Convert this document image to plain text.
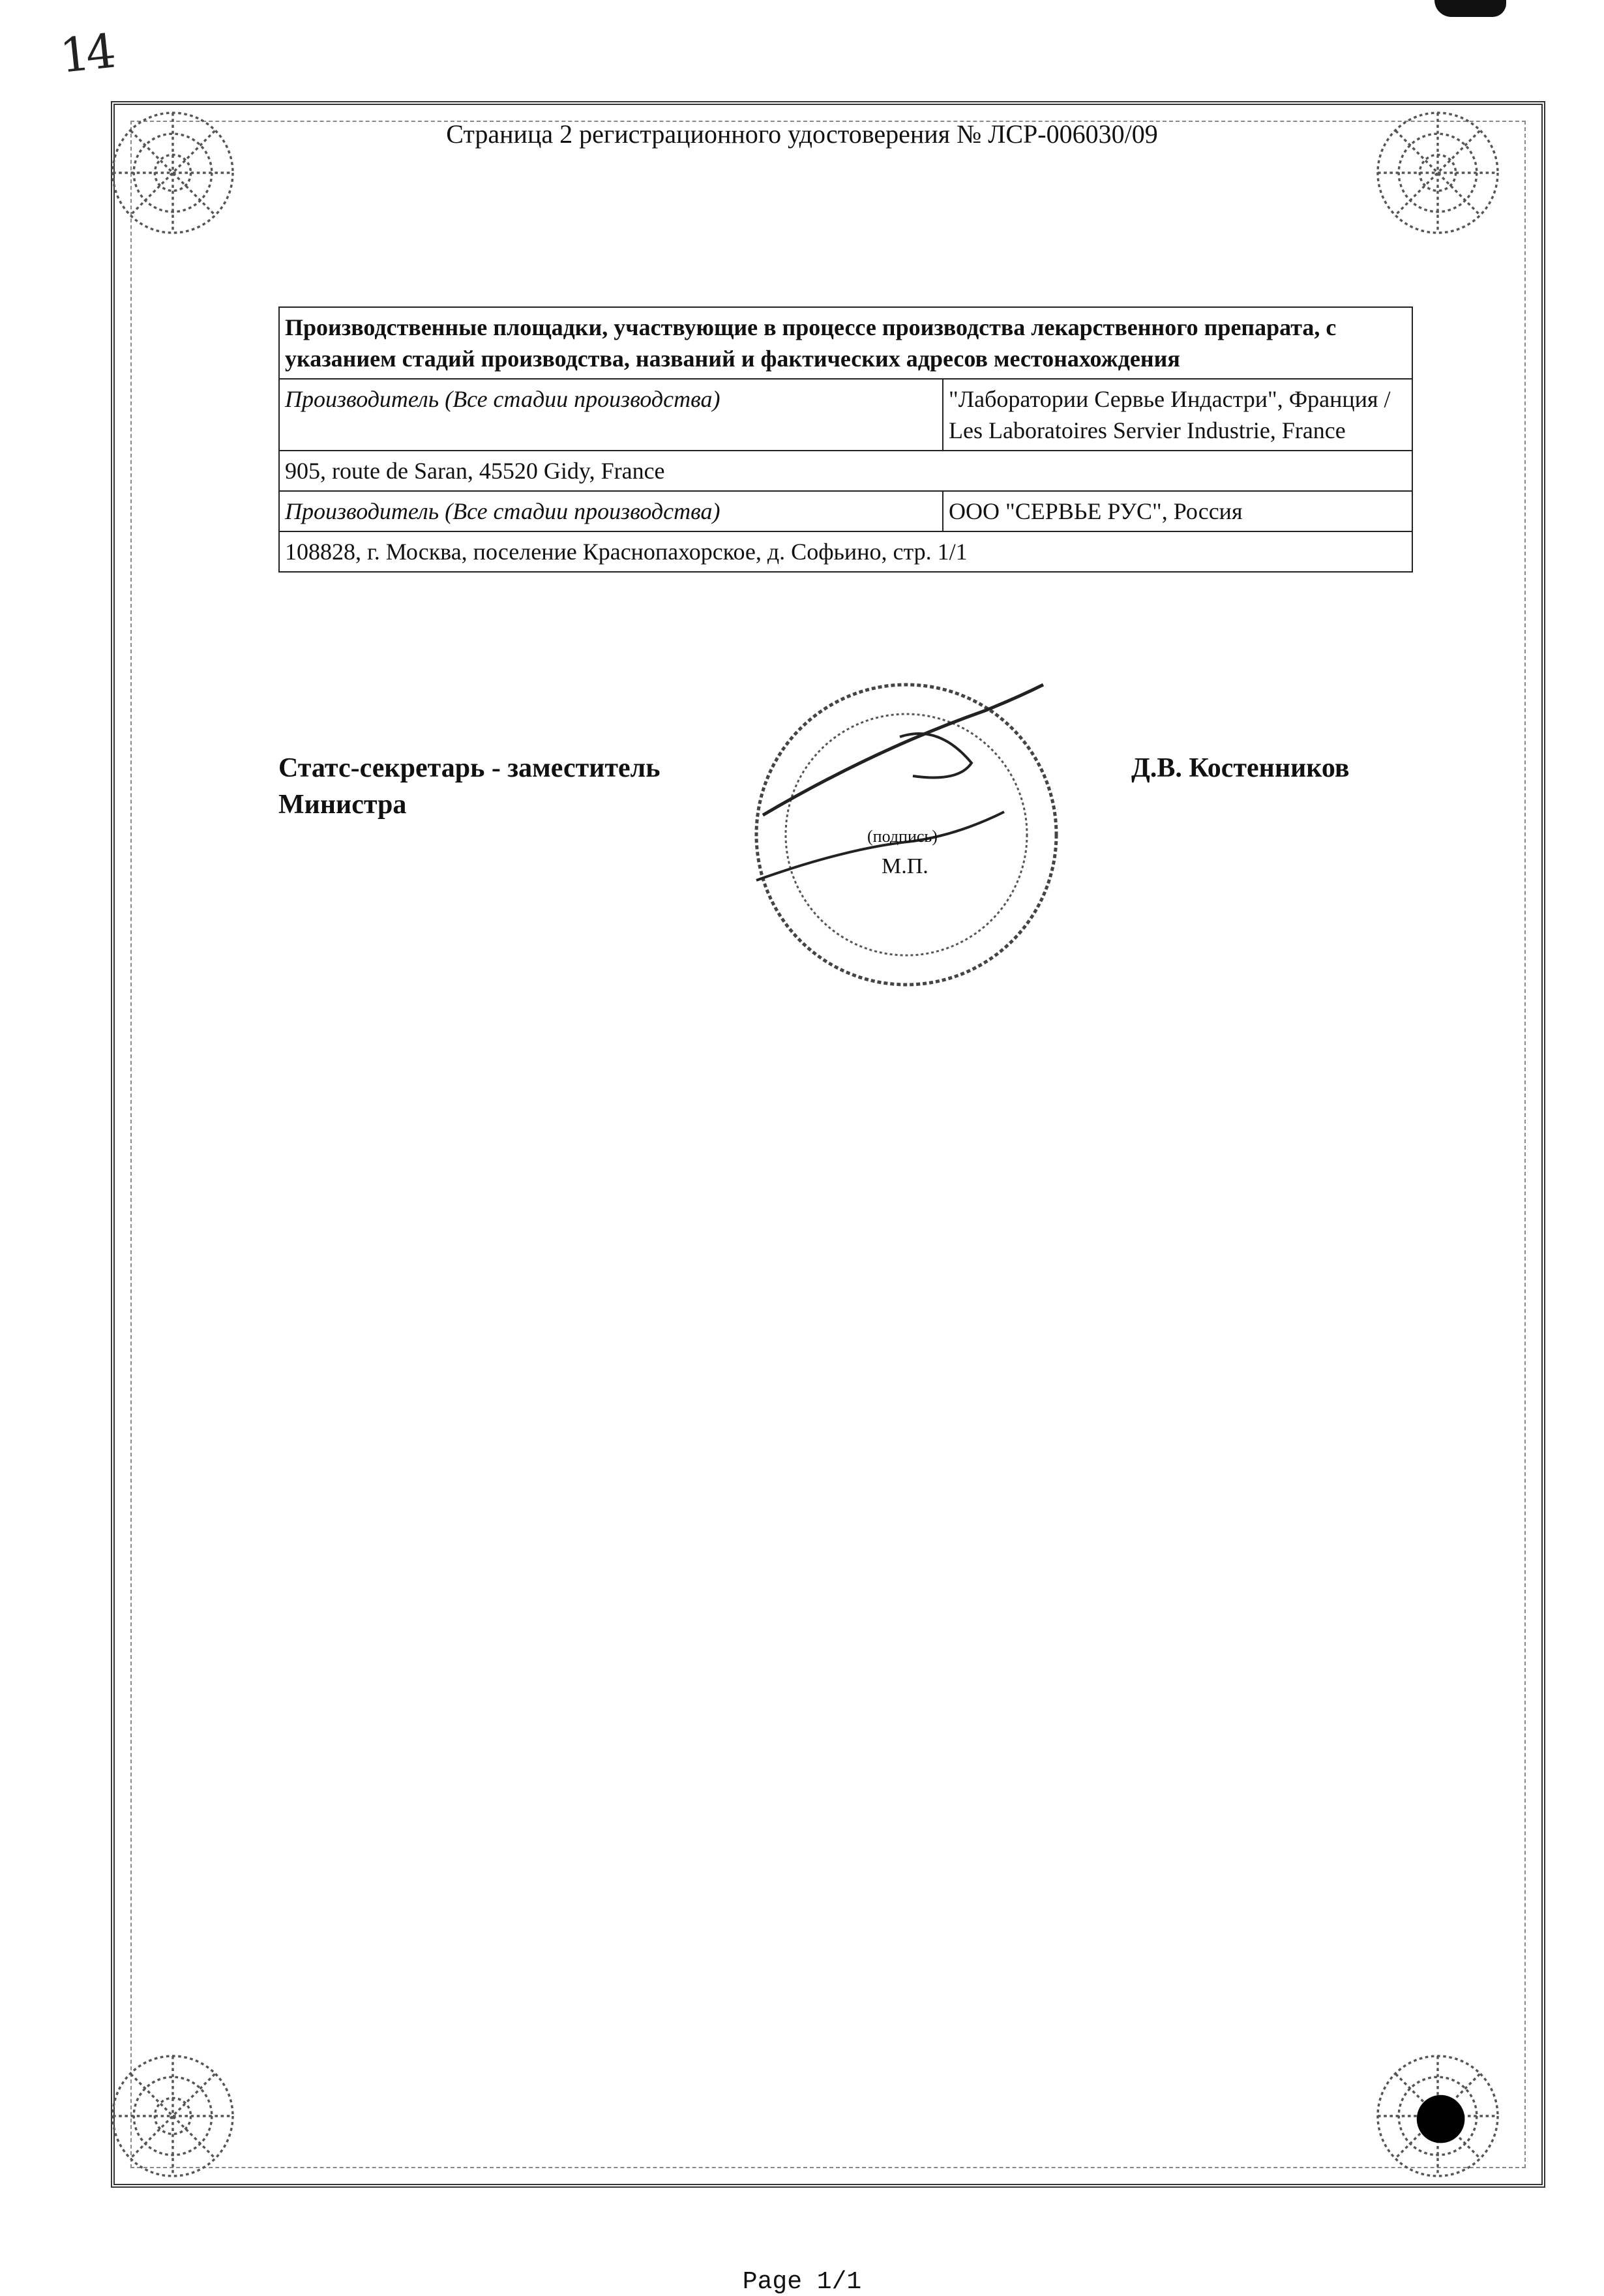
14
Страница 2 регистрационного удостоверения № ЛСР-006030/09
Производственные площадки, участвующие в процессе производства лекарственного препарата, с указанием стадий производства, названий и фактических адресов местонахождения	
Производитель (Все стадии производства)	"Лаборатории Сервье Индастри", Франция / Les Laboratoires Servier Industrie, France
905, route de Saran, 45520 Gidy, France	
Производитель (Все стадии производства)	ООО "СЕРВЬЕ РУС", Россия
108828, г. Москва, поселение Краснопахорское, д. Софьино, стр. 1/1	
Статс-секретарь - заместитель
Министра
Д.В. Костенников
(подпись)
М.П.
Page 1/1
